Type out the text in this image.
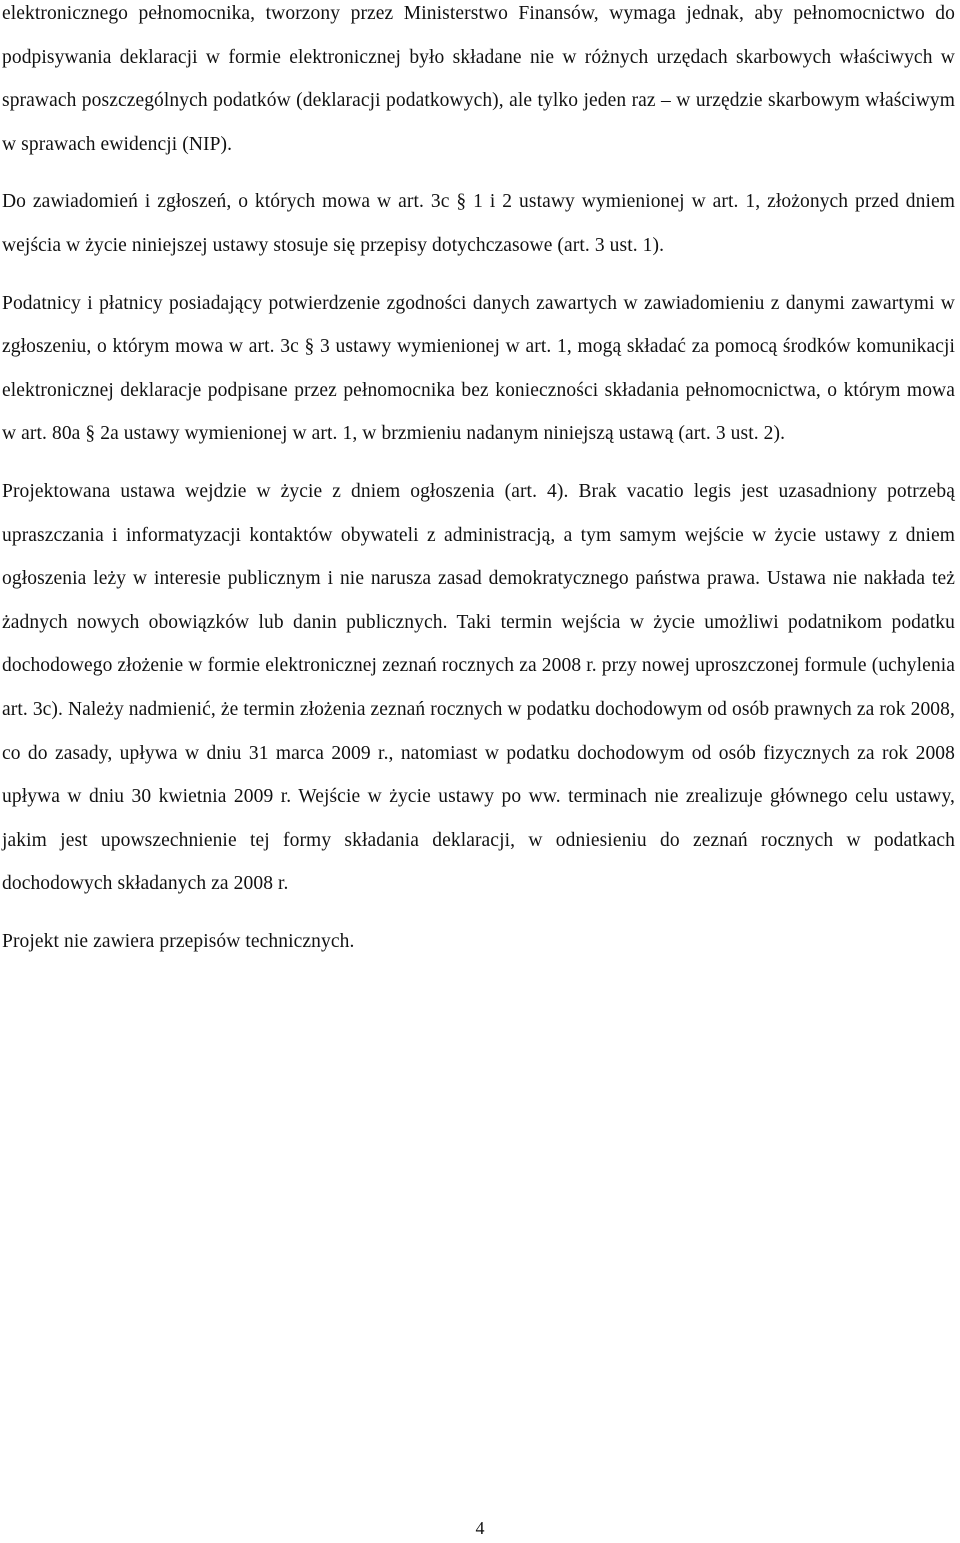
elektronicznego pełnomocnika, tworzony przez Ministerstwo Finansów, wymaga jednak, aby pełnomocnictwo do podpisywania deklaracji w formie elektronicznej było składane nie w różnych urzędach skarbowych właściwych w sprawach poszczególnych podatków (deklaracji podatkowych), ale tylko jeden raz – w urzędzie skarbowym właściwym w sprawach ewidencji (NIP).

Do zawiadomień i zgłoszeń, o których mowa w art. 3c § 1 i 2 ustawy wymienionej w art. 1, złożonych przed dniem wejścia w życie niniejszej ustawy stosuje się przepisy dotychczasowe (art. 3 ust. 1).

Podatnicy i płatnicy posiadający potwierdzenie zgodności danych zawartych w zawiadomieniu z danymi zawartymi w zgłoszeniu, o którym mowa w art. 3c § 3 ustawy wymienionej w art. 1, mogą składać za pomocą środków komunikacji elektronicznej deklaracje podpisane przez pełnomocnika bez konieczności składania pełnomocnictwa, o którym mowa w art. 80a § 2a ustawy wymienionej w art. 1, w brzmieniu nadanym niniejszą ustawą (art. 3 ust. 2).

Projektowana ustawa wejdzie w życie z dniem ogłoszenia (art. 4). Brak vacatio legis jest uzasadniony potrzebą upraszczania i informatyzacji kontaktów obywateli z administracją, a tym samym wejście w życie ustawy z dniem ogłoszenia leży w interesie publicznym i nie narusza zasad demokratycznego państwa prawa. Ustawa nie nakłada też żadnych nowych obowiązków lub danin publicznych. Taki termin wejścia w życie umożliwi podatnikom podatku dochodowego złożenie w formie elektronicznej zeznań rocznych za 2008 r. przy nowej uproszczonej formule (uchylenia art. 3c). Należy nadmienić, że termin złożenia zeznań rocznych w podatku dochodowym od osób prawnych za rok 2008, co do zasady, upływa w dniu 31 marca 2009 r., natomiast w podatku dochodowym od osób fizycznych za rok 2008 upływa w dniu 30 kwietnia 2009 r. Wejście w życie ustawy po ww. terminach nie zrealizuje głównego celu ustawy, jakim jest upowszechnienie tej formy składania deklaracji, w odniesieniu do zeznań rocznych w podatkach dochodowych składanych za 2008 r.

Projekt nie zawiera przepisów technicznych.

4
